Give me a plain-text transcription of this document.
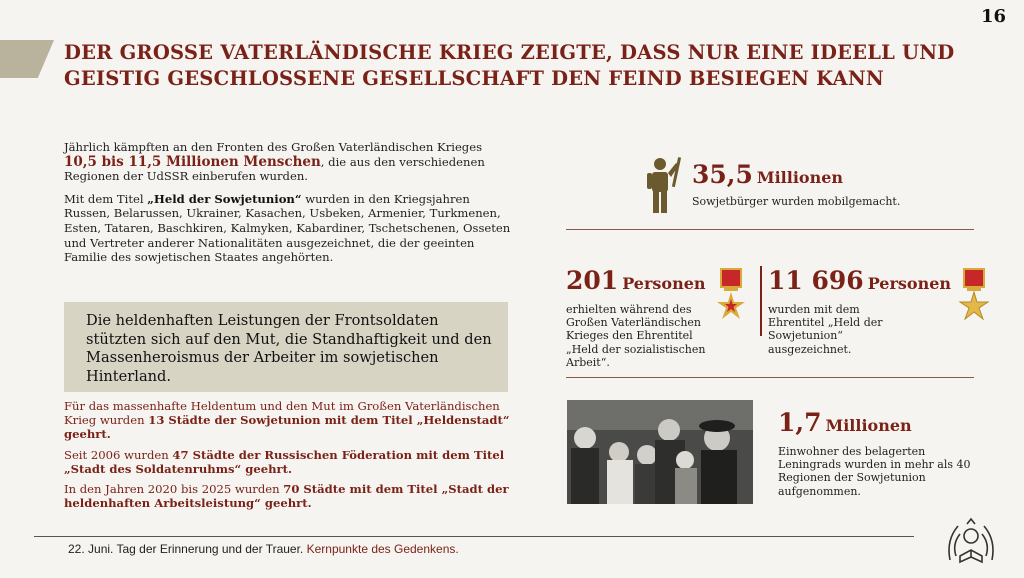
16
DER GROSSE VATERLÄNDISCHE KRIEG ZEIGTE, DASS NUR EINE IDEELL UND GEISTIG GESCHLOSSENE GESELLSCHAFT DEN FEIND BESIEGEN KANN

Jährlich kämpften an den Fronten des Großen Vaterländischen Krieges 10,5 bis 11,5 Millionen Menschen, die aus den verschiedenen Regionen der UdSSR einberufen wurden.

Mit dem Titel „Held der Sowjetunion“ wurden in den Kriegsjahren Russen, Belarussen, Ukrainer, Kasachen, Usbeken, Armenier, Turkmenen, Esten, Tataren, Baschkiren, Kalmyken, Kabardiner, Tschetschenen, Osseten und Vertreter anderer Nationalitäten ausgezeichnet, die der geeinten Familie des sowjetischen Staates angehörten.

Die heldenhaften Leistungen der Frontsoldaten stützten sich auf den Mut, die Standhaftigkeit und den Massenheroismus der Arbeiter im sowjetischen Hinterland.

Für das massenhafte Heldentum und den Mut im Großen Vaterländischen Krieg wurden 13 Städte der Sowjetunion mit dem Titel „Heldenstadt“ geehrt.

Seit 2006 wurden 47 Städte der Russischen Föderation mit dem Titel „Stadt des Soldatenruhms“ geehrt.

In den Jahren 2020 bis 2025 wurden 70 Städte mit dem Titel „Stadt der heldenhaften Arbeitsleistung“ geehrt.

35,5 Millionen
Sowjetbürger wurden mobilgemacht.
201 Personen
erhielten während des Großen Vaterländischen Krieges den Ehrentitel „Held der sozialistischen Arbeit“.
11 696 Personen
wurden mit dem Ehrentitel „Held der Sowjetunion“ ausgezeichnet.
1,7 Millionen
Einwohner des belagerten Leningrads wurden in mehr als 40 Regionen der Sowjetunion aufgenommen.
22. Juni. Tag der Erinnerung und der Trauer. Kernpunkte des Gedenkens.
